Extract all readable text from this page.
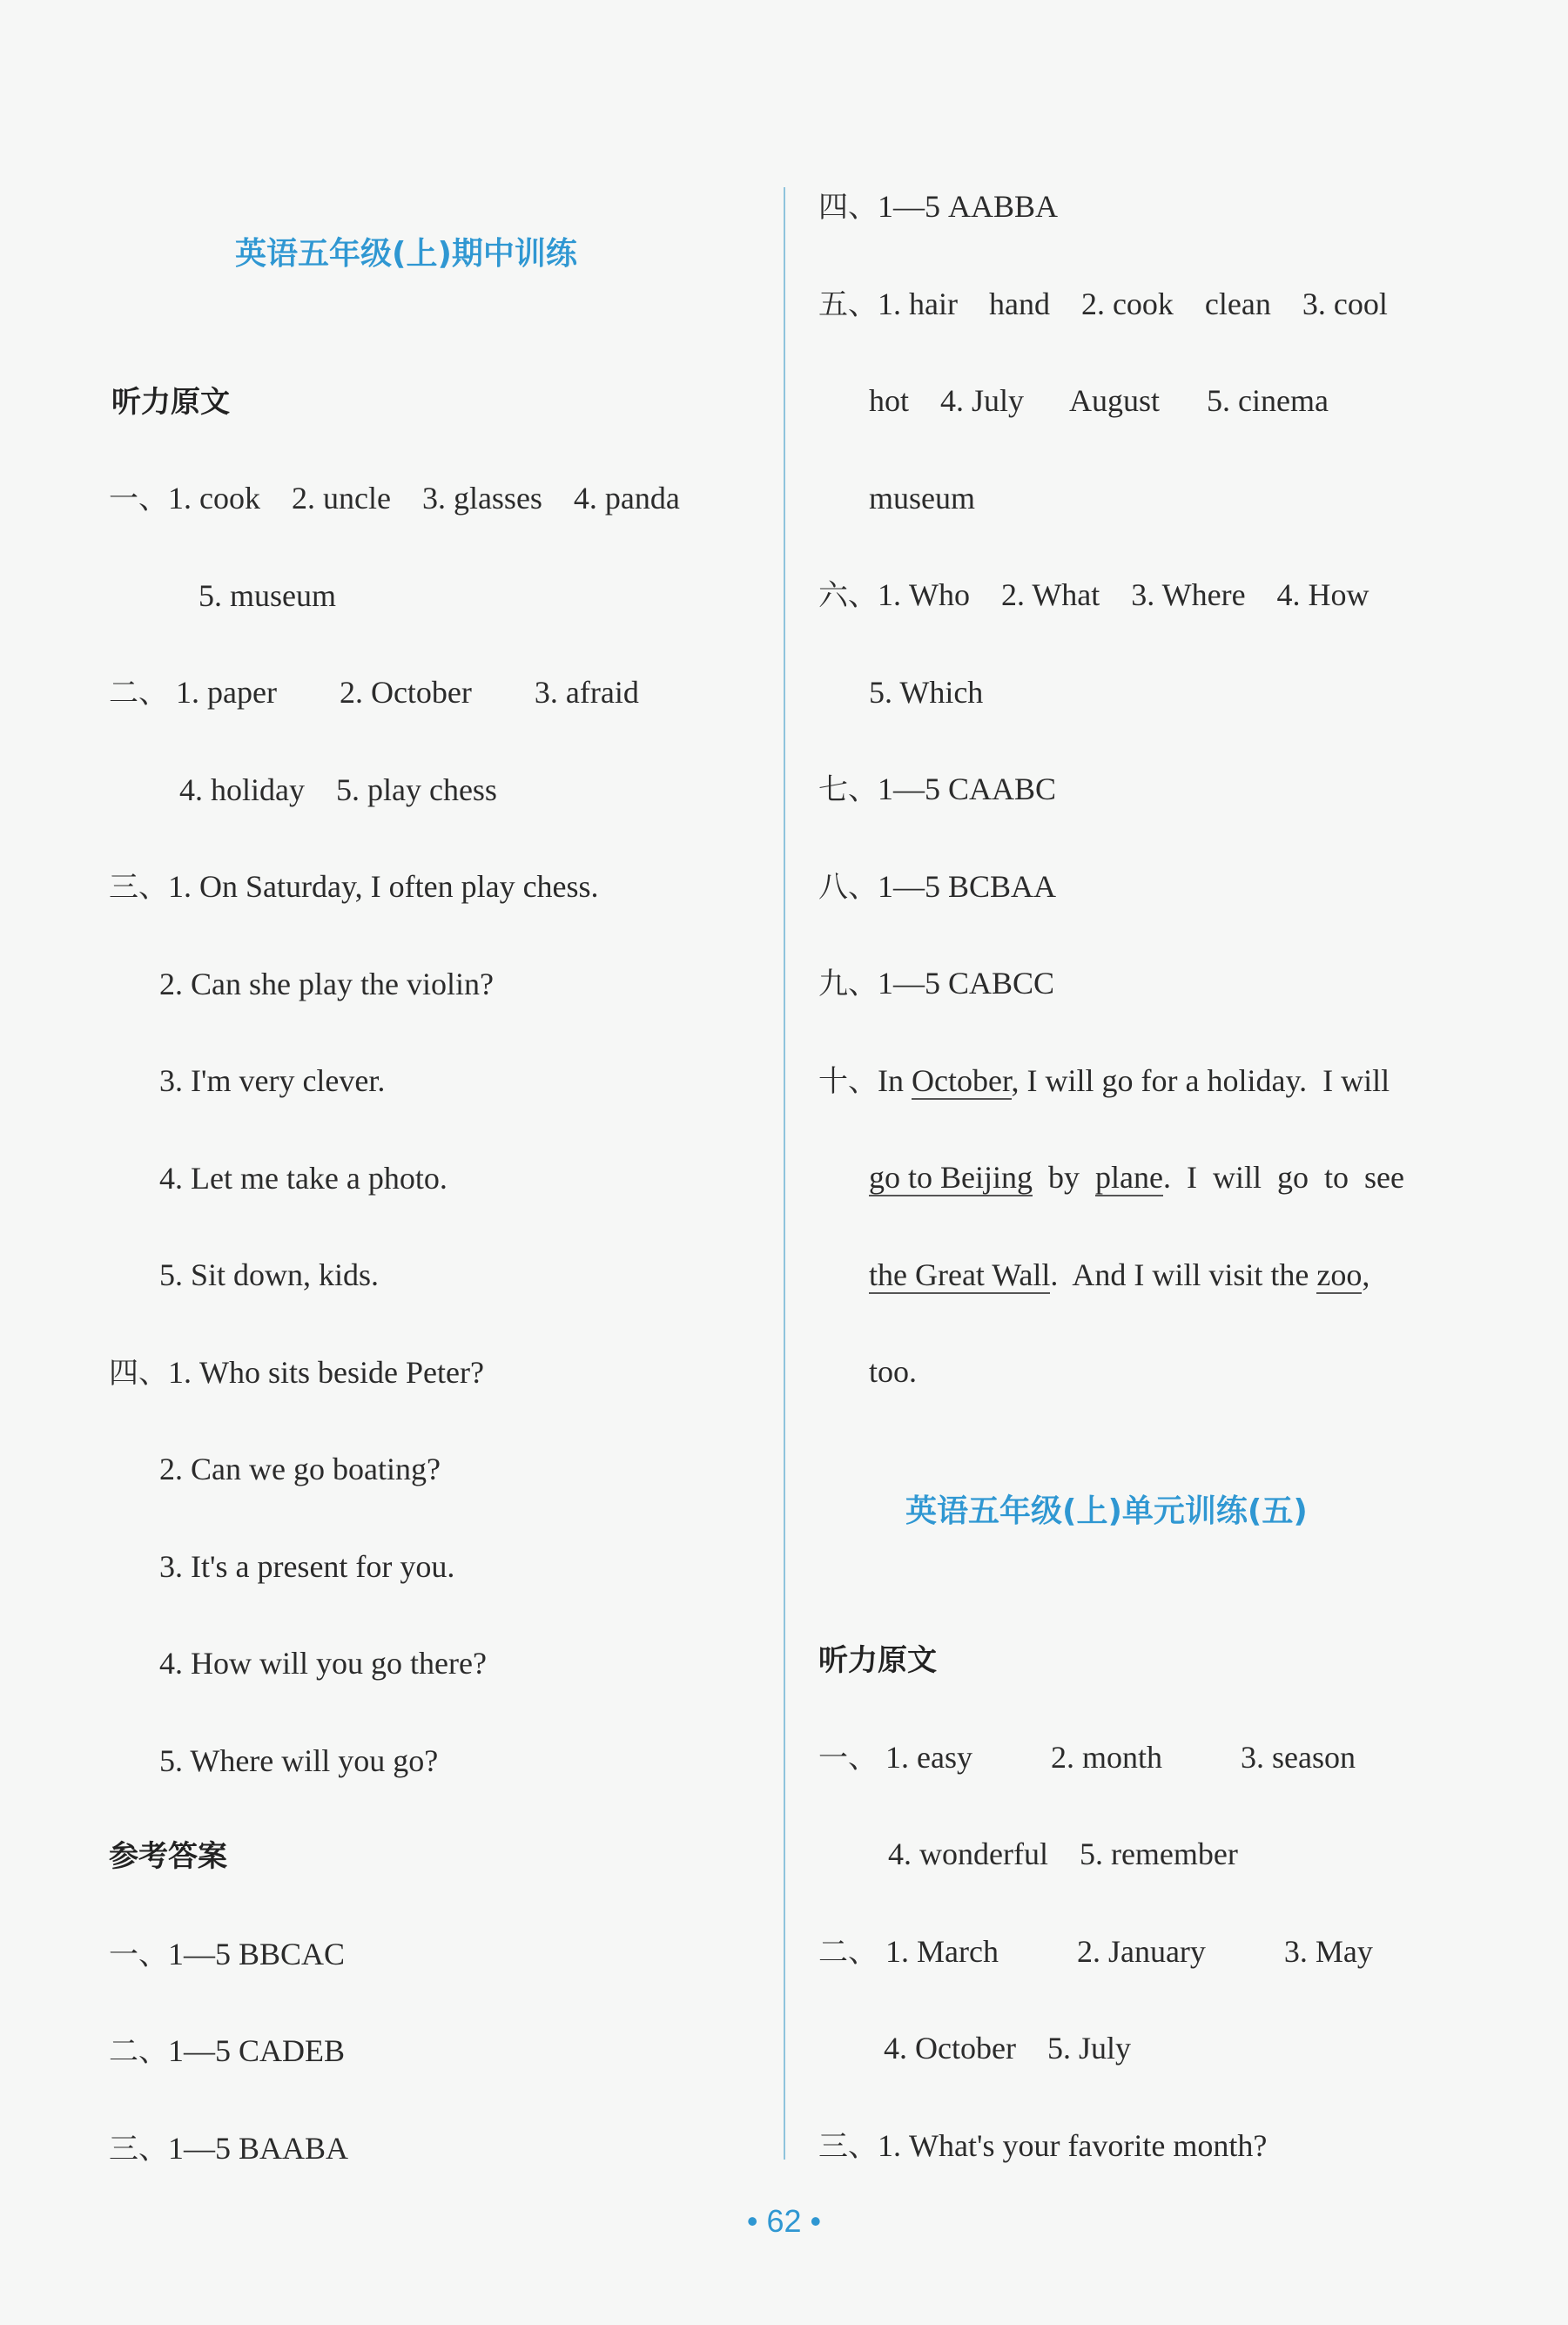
英语五年级(上)期中训练
听力原文
一、1. cook    2. uncle    3. glasses    4. panda
5. museum
二、 1. paper        2. October        3. afraid
4. holiday    5. play chess
三、1. On Saturday, I often play chess.
2. Can she play the violin?
3. I'm very clever.
4. Let me take a photo.
5. Sit down, kids.
四、1. Who sits beside Peter?
2. Can we go boating?
3. It's a present for you.
4. How will you go there?
5. Where will you go?
参考答案
一、1—5 BBCAC
二、1—5 CADEB
三、1—5 BAABA
四、1—5 AABBA
五、1. hair    hand    2. cook    clean    3. cool
hot    4. July      August      5. cinema
museum
六、1. Who    2. What    3. Where    4. How
5. Which
七、1—5 CAABC
八、1—5 BCBAA
九、1—5 CABCC
十、In October, I will go for a holiday.  I will
go to Beijing  by  plane.  I  will  go  to  see
the Great Wall.  And I will visit the zoo,
too.
英语五年级(上)单元训练(五)
听力原文
一、 1. easy          2. month          3. season
4. wonderful    5. remember
二、 1. March          2. January          3. May
4. October    5. July
三、1. What's your favorite month?
• 62 •
